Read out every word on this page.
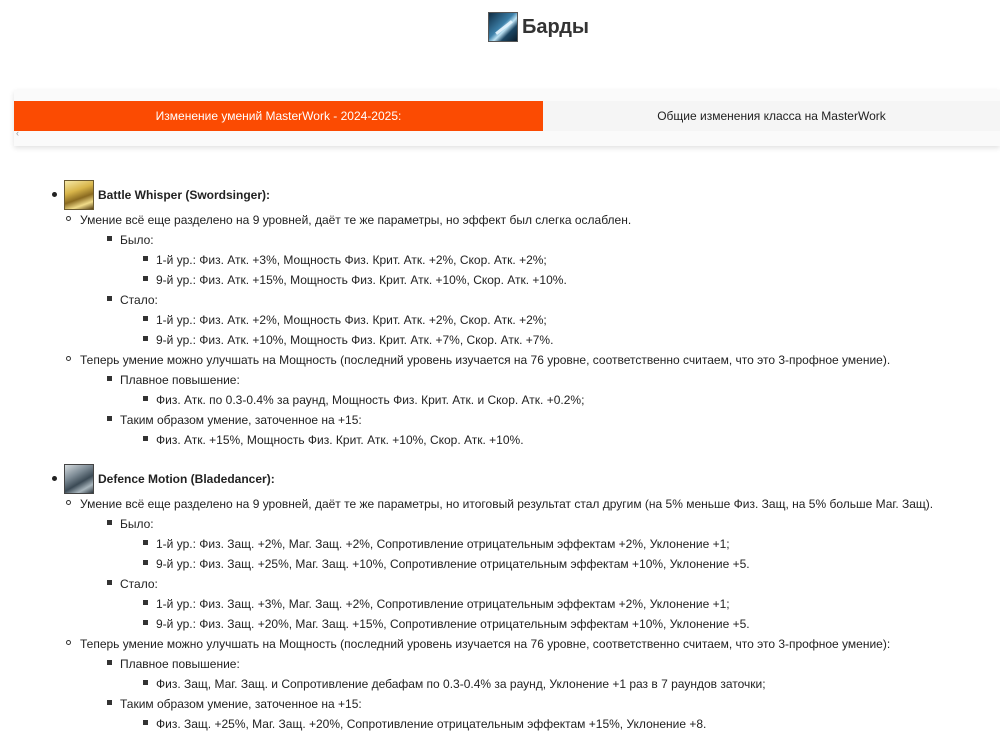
Барды
Изменение умений MasterWork - 2024-2025:	Общие изменения класса на MasterWork
‹
Battle Whisper (Swordsinger):
Умение всё еще разделено на 9 уровней, даёт те же параметры, но эффект был слегка ослаблен.
Было:
1-й ур.: Физ. Атк. +3%, Мощность Физ. Крит. Атк. +2%, Скор. Атк. +2%;
9-й ур.: Физ. Атк. +15%, Мощность Физ. Крит. Атк. +10%, Скор. Атк. +10%.
Стало:
1-й ур.: Физ. Атк. +2%, Мощность Физ. Крит. Атк. +2%, Скор. Атк. +2%;
9-й ур.: Физ. Атк. +10%, Мощность Физ. Крит. Атк. +7%, Скор. Атк. +7%.
Теперь умение можно улучшать на Мощность (последний уровень изучается на 76 уровне, соответственно считаем, что это 3-профное умение).
Плавное повышение:
Физ. Атк. по 0.3-0.4% за раунд, Мощность Физ. Крит. Атк. и Скор. Атк. +0.2%;
Таким образом умение, заточенное на +15:
Физ. Атк. +15%, Мощность Физ. Крит. Атк. +10%, Скор. Атк. +10%.
Defence Motion (Bladedancer):
Умение всё еще разделено на 9 уровней, даёт те же параметры, но итоговый результат стал другим (на 5% меньше Физ. Защ, на 5% больше Маг. Защ).
Было:
1-й ур.: Физ. Защ. +2%, Маг. Защ. +2%, Сопротивление отрицательным эффектам +2%, Уклонение +1;
9-й ур.: Физ. Защ. +25%, Маг. Защ. +10%, Сопротивление отрицательным эффектам +10%, Уклонение +5.
Стало:
1-й ур.: Физ. Защ. +3%, Маг. Защ. +2%, Сопротивление отрицательным эффектам +2%, Уклонение +1;
9-й ур.: Физ. Защ. +20%, Маг. Защ. +15%, Сопротивление отрицательным эффектам +10%, Уклонение +5.
Теперь умение можно улучшать на Мощность (последний уровень изучается на 76 уровне, соответственно считаем, что это 3-профное умение):
Плавное повышение:
Физ. Защ, Маг. Защ. и Сопротивление дебафам по 0.3-0.4% за раунд, Уклонение +1 раз в 7 раундов заточки;
Таким образом умение, заточенное на +15:
Физ. Защ. +25%, Маг. Защ. +20%, Сопротивление отрицательным эффектам +15%, Уклонение +8.
